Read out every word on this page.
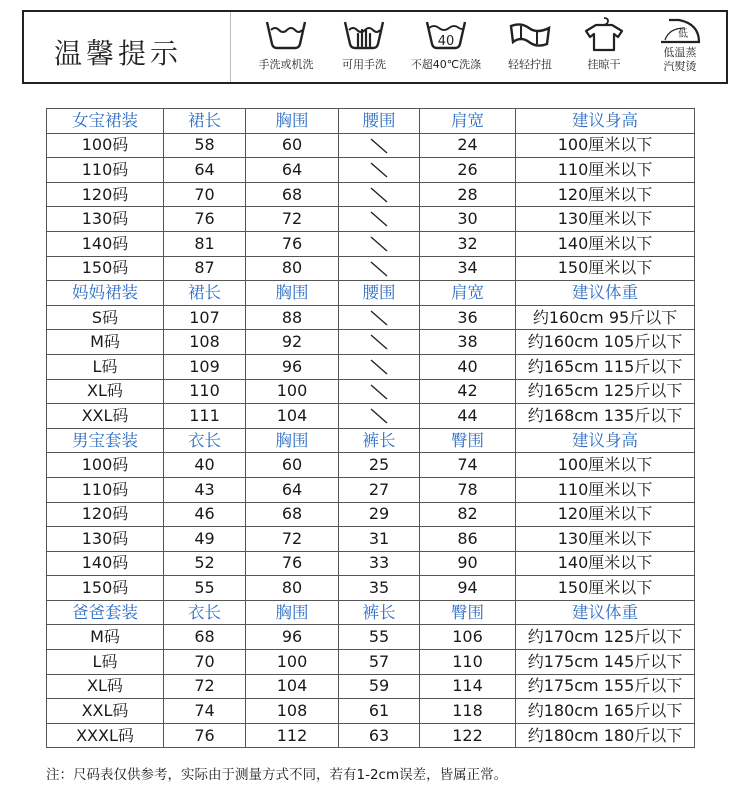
温馨提示	手洗或机洗	可用手洗
40
不超40℃洗涤	轻轻拧扭	挂晾干
低
低温蒸
汽熨烫
女宝裙装	裙长	胸围	腰围	肩宽	建议身高
100码	58	60		24	100厘米以下
110码	64	64		26	110厘米以下
120码	70	68		28	120厘米以下
130码	76	72		30	130厘米以下
140码	81	76		32	140厘米以下
150码	87	80		34	150厘米以下
妈妈裙装	裙长	胸围	腰围	肩宽	建议体重
S码	107	88		36	约160cm 95斤以下
M码	108	92		38	约160cm 105斤以下
L码	109	96		40	约165cm 115斤以下
XL码	110	100		42	约165cm 125斤以下
XXL码	111	104		44	约168cm 135斤以下
男宝套装	衣长	胸围	裤长	臀围	建议身高
100码	40	60	25	74	100厘米以下
110码	43	64	27	78	110厘米以下
120码	46	68	29	82	120厘米以下
130码	49	72	31	86	130厘米以下
140码	52	76	33	90	140厘米以下
150码	55	80	35	94	150厘米以下
爸爸套装	衣长	胸围	裤长	臀围	建议体重
M码	68	96	55	106	约170cm 125斤以下
L码	70	100	57	110	约175cm 145斤以下
XL码	72	104	59	114	约175cm 155斤以下
XXL码	74	108	61	118	约180cm 165斤以下
XXXL码	76	112	63	122	约180cm 180斤以下
注：尺码表仅供参考，实际由于测量方式不同，若有1-2cm误差，皆属正常。
